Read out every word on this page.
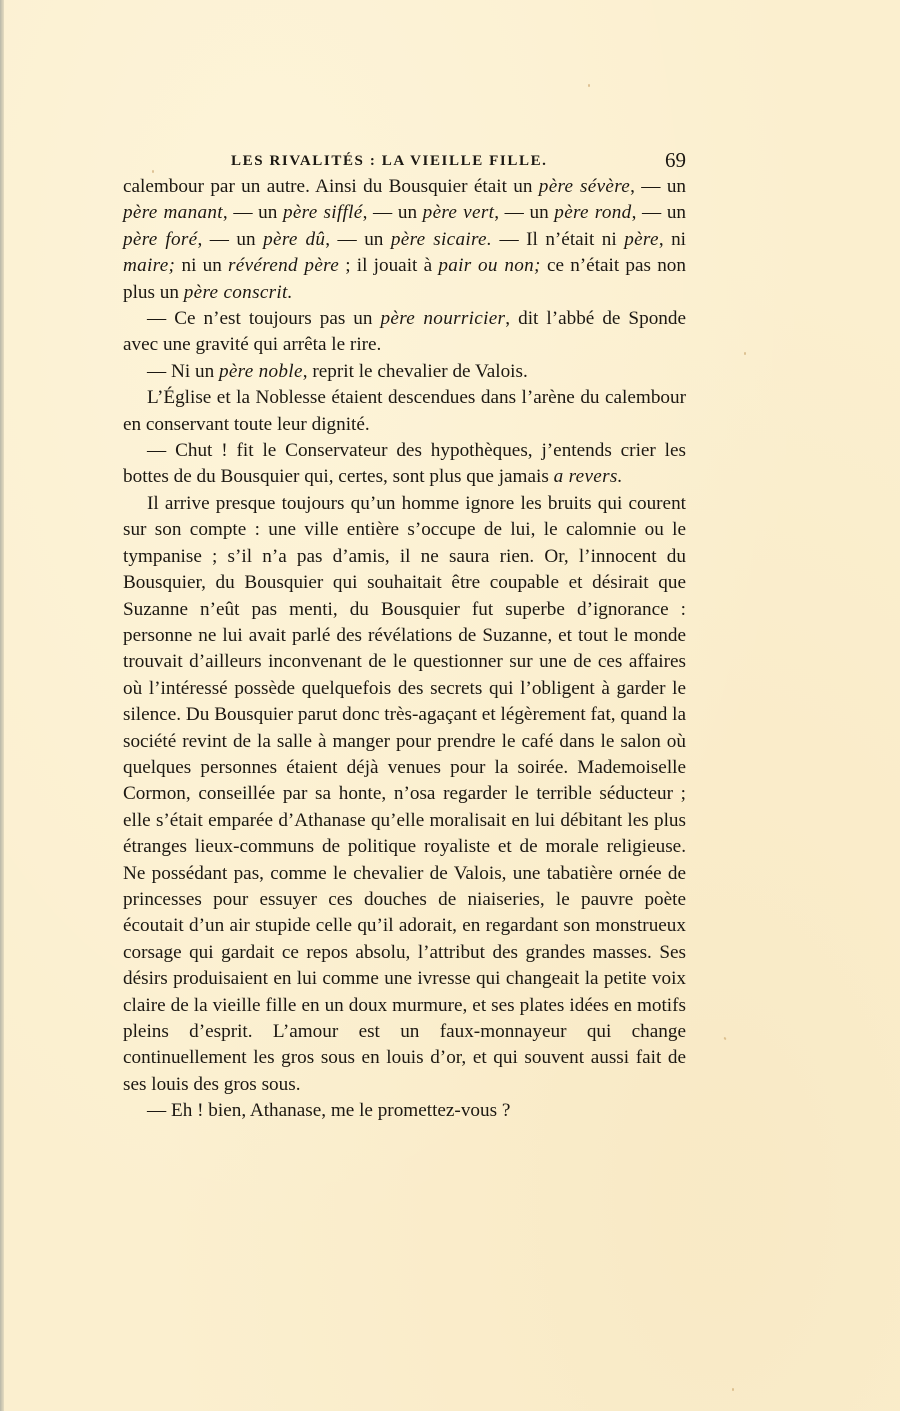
LES RIVALITÉS : LA VIEILLE FILLE.	69

calembour par un autre. Ainsi du Bousquier était un père sévère, — un père manant, — un père sifflé, — un père vert, — un père rond, — un père foré, — un père dû, — un père sicaire. — Il n’était ni père, ni maire; ni un révérend père ; il jouait à pair ou non; ce n’était pas non plus un père conscrit.

— Ce n’est toujours pas un père nourricier, dit l’abbé de Sponde avec une gravité qui arrêta le rire.

— Ni un père noble, reprit le chevalier de Valois.

L’Église et la Noblesse étaient descendues dans l’arène du calembour en conservant toute leur dignité.

— Chut ! fit le Conservateur des hypothèques, j’entends crier les bottes de du Bousquier qui, certes, sont plus que jamais a revers.

Il arrive presque toujours qu’un homme ignore les bruits qui courent sur son compte : une ville entière s’occupe de lui, le calomnie ou le tympanise ; s’il n’a pas d’amis, il ne saura rien. Or, l’innocent du Bousquier, du Bousquier qui souhaitait être coupable et désirait que Suzanne n’eût pas menti, du Bousquier fut superbe d’ignorance : personne ne lui avait parlé des révélations de Suzanne, et tout le monde trouvait d’ailleurs inconvenant de le questionner sur une de ces affaires où l’intéressé possède quelquefois des secrets qui l’obligent à garder le silence. Du Bousquier parut donc très-agaçant et légèrement fat, quand la société revint de la salle à manger pour prendre le café dans le salon où quelques personnes étaient déjà venues pour la soirée. Mademoiselle Cormon, conseillée par sa honte, n’osa regarder le terrible séducteur ; elle s’était emparée d’Athanase qu’elle moralisait en lui débitant les plus étranges lieux-communs de politique royaliste et de morale religieuse. Ne possédant pas, comme le chevalier de Valois, une tabatière ornée de princesses pour essuyer ces douches de niaiseries, le pauvre poète écoutait d’un air stupide celle qu’il adorait, en regardant son monstrueux corsage qui gardait ce repos absolu, l’attribut des grandes masses. Ses désirs produisaient en lui comme une ivresse qui changeait la petite voix claire de la vieille fille en un doux murmure, et ses plates idées en motifs pleins d’esprit. L’amour est un faux-monnayeur qui change continuellement les gros sous en louis d’or, et qui souvent aussi fait de ses louis des gros sous.

— Eh ! bien, Athanase, me le promettez-vous ?
